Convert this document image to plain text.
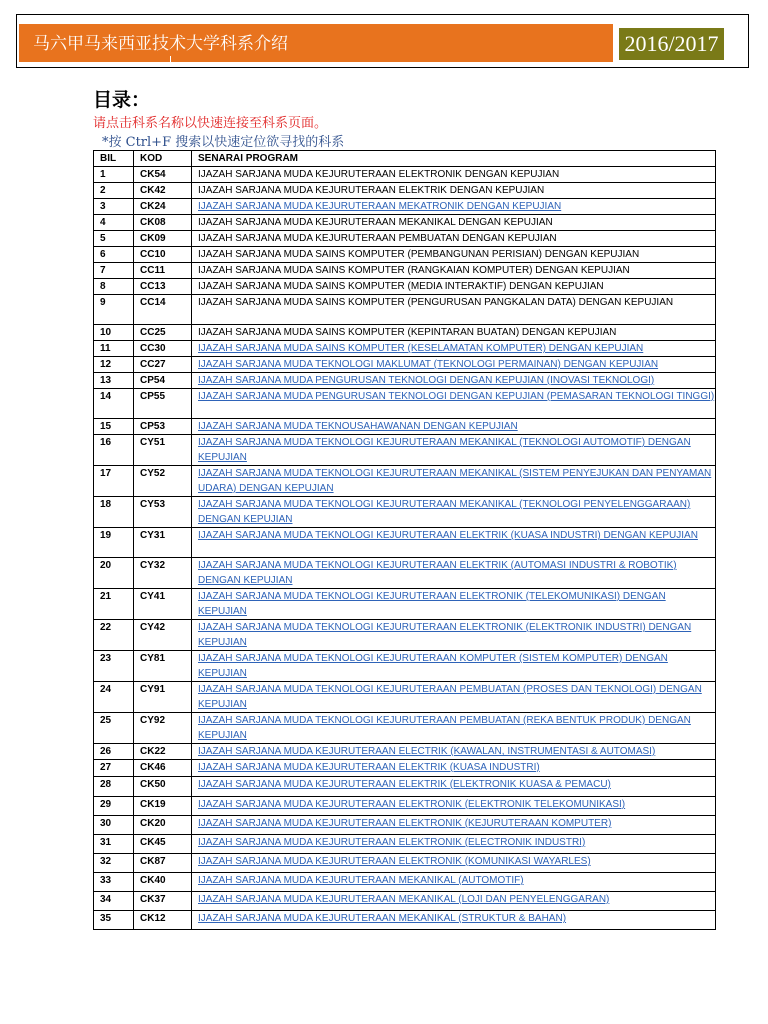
马六甲马来西亚技术大学科系介绍	2016/2017
目录：
请点击科系名称以快速连接至科系页面。
*按 Ctrl+F 搜索以快速定位欲寻找的科系
BIL	KOD	SENARAI PROGRAM
1	CK54	IJAZAH SARJANA MUDA KEJURUTERAAN ELEKTRONIK DENGAN KEPUJIAN
2	CK42	IJAZAH SARJANA MUDA KEJURUTERAAN ELEKTRIK DENGAN KEPUJIAN
3	CK24	IJAZAH SARJANA MUDA KEJURUTERAAN MEKATRONIK DENGAN KEPUJIAN
4	CK08	IJAZAH SARJANA MUDA KEJURUTERAAN MEKANIKAL DENGAN KEPUJIAN
5	CK09	IJAZAH SARJANA MUDA KEJURUTERAAN PEMBUATAN DENGAN KEPUJIAN
6	CC10	IJAZAH SARJANA MUDA SAINS KOMPUTER (PEMBANGUNAN PERISIAN) DENGAN KEPUJIAN
7	CC11	IJAZAH SARJANA MUDA SAINS KOMPUTER (RANGKAIAN KOMPUTER) DENGAN KEPUJIAN
8	CC13	IJAZAH SARJANA MUDA SAINS KOMPUTER (MEDIA INTERAKTIF) DENGAN KEPUJIAN
9	CC14	IJAZAH SARJANA MUDA SAINS KOMPUTER (PENGURUSAN PANGKALAN DATA) DENGAN KEPUJIAN
10	CC25	IJAZAH SARJANA MUDA SAINS KOMPUTER (KEPINTARAN BUATAN) DENGAN KEPUJIAN
11	CC30	IJAZAH SARJANA MUDA SAINS KOMPUTER (KESELAMATAN KOMPUTER) DENGAN KEPUJIAN
12	CC27	IJAZAH SARJANA MUDA TEKNOLOGI MAKLUMAT (TEKNOLOGI PERMAINAN) DENGAN KEPUJIAN
13	CP54	IJAZAH SARJANA MUDA PENGURUSAN TEKNOLOGI DENGAN KEPUJIAN (INOVASI TEKNOLOGI)
14	CP55	IJAZAH SARJANA MUDA PENGURUSAN TEKNOLOGI DENGAN KEPUJIAN (PEMASARAN TEKNOLOGI TINGGI)
15	CP53	IJAZAH SARJANA MUDA TEKNOUSAHAWANAN DENGAN KEPUJIAN
16	CY51	IJAZAH SARJANA MUDA TEKNOLOGI KEJURUTERAAN MEKANIKAL (TEKNOLOGI AUTOMOTIF) DENGAN KEPUJIAN
17	CY52	IJAZAH SARJANA MUDA TEKNOLOGI KEJURUTERAAN MEKANIKAL (SISTEM PENYEJUKAN DAN PENYAMAN UDARA) DENGAN KEPUJIAN
18	CY53	IJAZAH SARJANA MUDA TEKNOLOGI KEJURUTERAAN MEKANIKAL (TEKNOLOGI PENYELENGGARAAN) DENGAN KEPUJIAN
19	CY31	IJAZAH SARJANA MUDA TEKNOLOGI KEJURUTERAAN ELEKTRIK (KUASA INDUSTRI) DENGAN KEPUJIAN
20	CY32	IJAZAH SARJANA MUDA TEKNOLOGI KEJURUTERAAN ELEKTRIK (AUTOMASI INDUSTRI & ROBOTIK) DENGAN KEPUJIAN
21	CY41	IJAZAH SARJANA MUDA TEKNOLOGI KEJURUTERAAN ELEKTRONIK (TELEKOMUNIKASI) DENGAN KEPUJIAN
22	CY42	IJAZAH SARJANA MUDA TEKNOLOGI KEJURUTERAAN ELEKTRONIK (ELEKTRONIK INDUSTRI) DENGAN KEPUJIAN
23	CY81	IJAZAH SARJANA MUDA TEKNOLOGI KEJURUTERAAN KOMPUTER (SISTEM KOMPUTER) DENGAN KEPUJIAN
24	CY91	IJAZAH SARJANA MUDA TEKNOLOGI KEJURUTERAAN PEMBUATAN (PROSES DAN TEKNOLOGI) DENGAN KEPUJIAN
25	CY92	IJAZAH SARJANA MUDA TEKNOLOGI KEJURUTERAAN PEMBUATAN (REKA BENTUK PRODUK) DENGAN KEPUJIAN
26	CK22	IJAZAH SARJANA MUDA KEJURUTERAAN ELECTRIK (KAWALAN, INSTRUMENTASI & AUTOMASI)
27	CK46	IJAZAH SARJANA MUDA KEJURUTERAAN ELEKTRIK (KUASA INDUSTRI)
28	CK50	IJAZAH SARJANA MUDA KEJURUTERAAN ELEKTRIK (ELEKTRONIK KUASA & PEMACU)
29	CK19	IJAZAH SARJANA MUDA KEJURUTERAAN ELEKTRONIK (ELEKTRONIK TELEKOMUNIKASI)
30	CK20	IJAZAH SARJANA MUDA KEJURUTERAAN ELEKTRONIK (KEJURUTERAAN KOMPUTER)
31	CK45	IJAZAH SARJANA MUDA KEJURUTERAAN ELEKTRONIK (ELECTRONIK INDUSTRI)
32	CK87	IJAZAH SARJANA MUDA KEJURUTERAAN ELEKTRONIK (KOMUNIKASI WAYARLES)
33	CK40	IJAZAH SARJANA MUDA KEJURUTERAAN MEKANIKAL (AUTOMOTIF)
34	CK37	IJAZAH SARJANA MUDA KEJURUTERAAN MEKANIKAL (LOJI DAN PENYELENGGARAN)
35	CK12	IJAZAH SARJANA MUDA KEJURUTERAAN MEKANIKAL (STRUKTUR & BAHAN)
